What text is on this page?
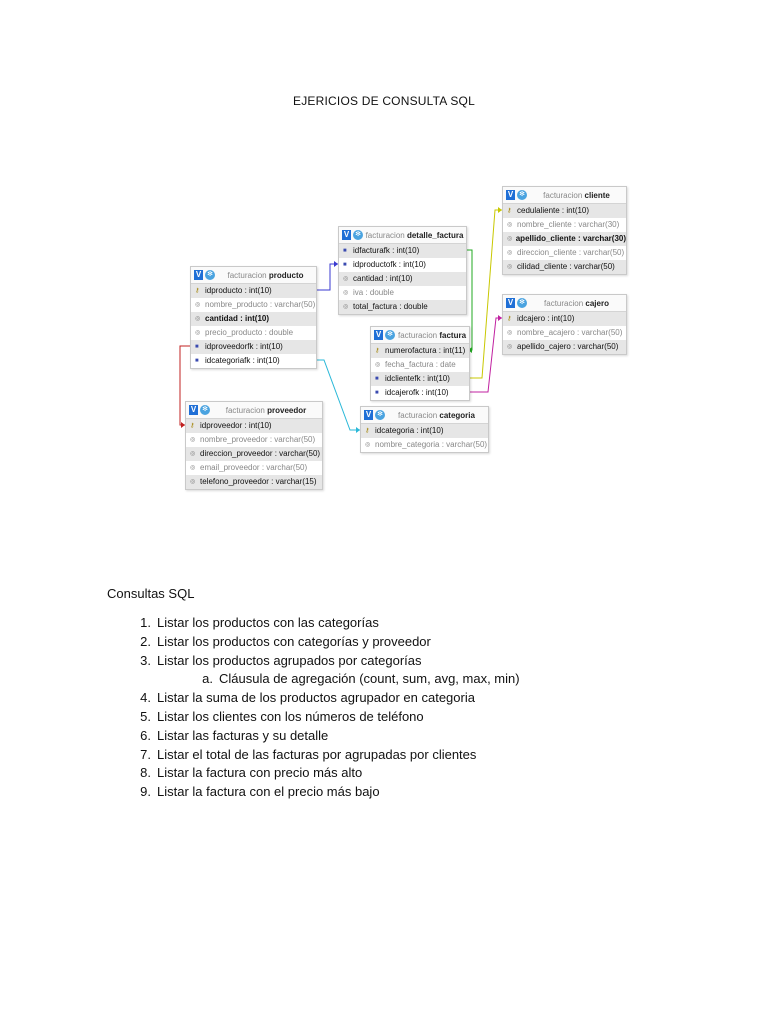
EJERICIOS DE CONSULTA SQL
V ✻	facturacion producto
⚷ idproducto : int(10)
◎ nombre_producto : varchar(50)
◎ cantidad : int(10)
◎ precio_producto : double
■ idproveedorfk : int(10)
■ idcategoriafk : int(10)
V ✻ facturacion detalle_factura
■ idfacturafk : int(10)
■ idproductofk : int(10)
◎ cantidad : int(10)
◎ iva : double
◎ total_factura : double
V ✻	facturacion cliente
⚷ cedulaliente : int(10)
◎ nombre_cliente : varchar(30)
◎ apellido_cliente : varchar(30)
◎ direccion_cliente : varchar(50)
◎ cilidad_cliente : varchar(50)
V ✻	facturacion cajero
⚷ idcajero : int(10)
◎ nombre_acajero : varchar(50)
◎ apellido_cajero : varchar(50)
V ✻ facturacion factura
⚷ numerofactura : int(11)
◎ fecha_factura : date
■ idclientefk : int(10)
■ idcajerofk : int(10)
V ✻	facturacion categoria
⚷ idcategoria : int(10)
◎ nombre_categoria : varchar(50)
V ✻	facturacion proveedor
⚷ idproveedor : int(10)
◎ nombre_proveedor : varchar(50)
◎ direccion_proveedor : varchar(50)
◎ email_proveedor : varchar(50)
◎ telefono_proveedor : varchar(15)
Consultas SQL
1. Listar los productos con las categorías
2. Listar los productos con categorías y proveedor
3. Listar los productos agrupados por categorías
a. Cláusula de agregación (count, sum, avg, max, min)
4. Listar la suma de los productos agrupador en categoria
5. Listar los clientes con los números de teléfono
6. Listar las facturas y su detalle
7. Listar el total de las facturas por agrupadas por clientes
8. Listar la factura con precio más alto
9. Listar la factura con el precio más bajo
